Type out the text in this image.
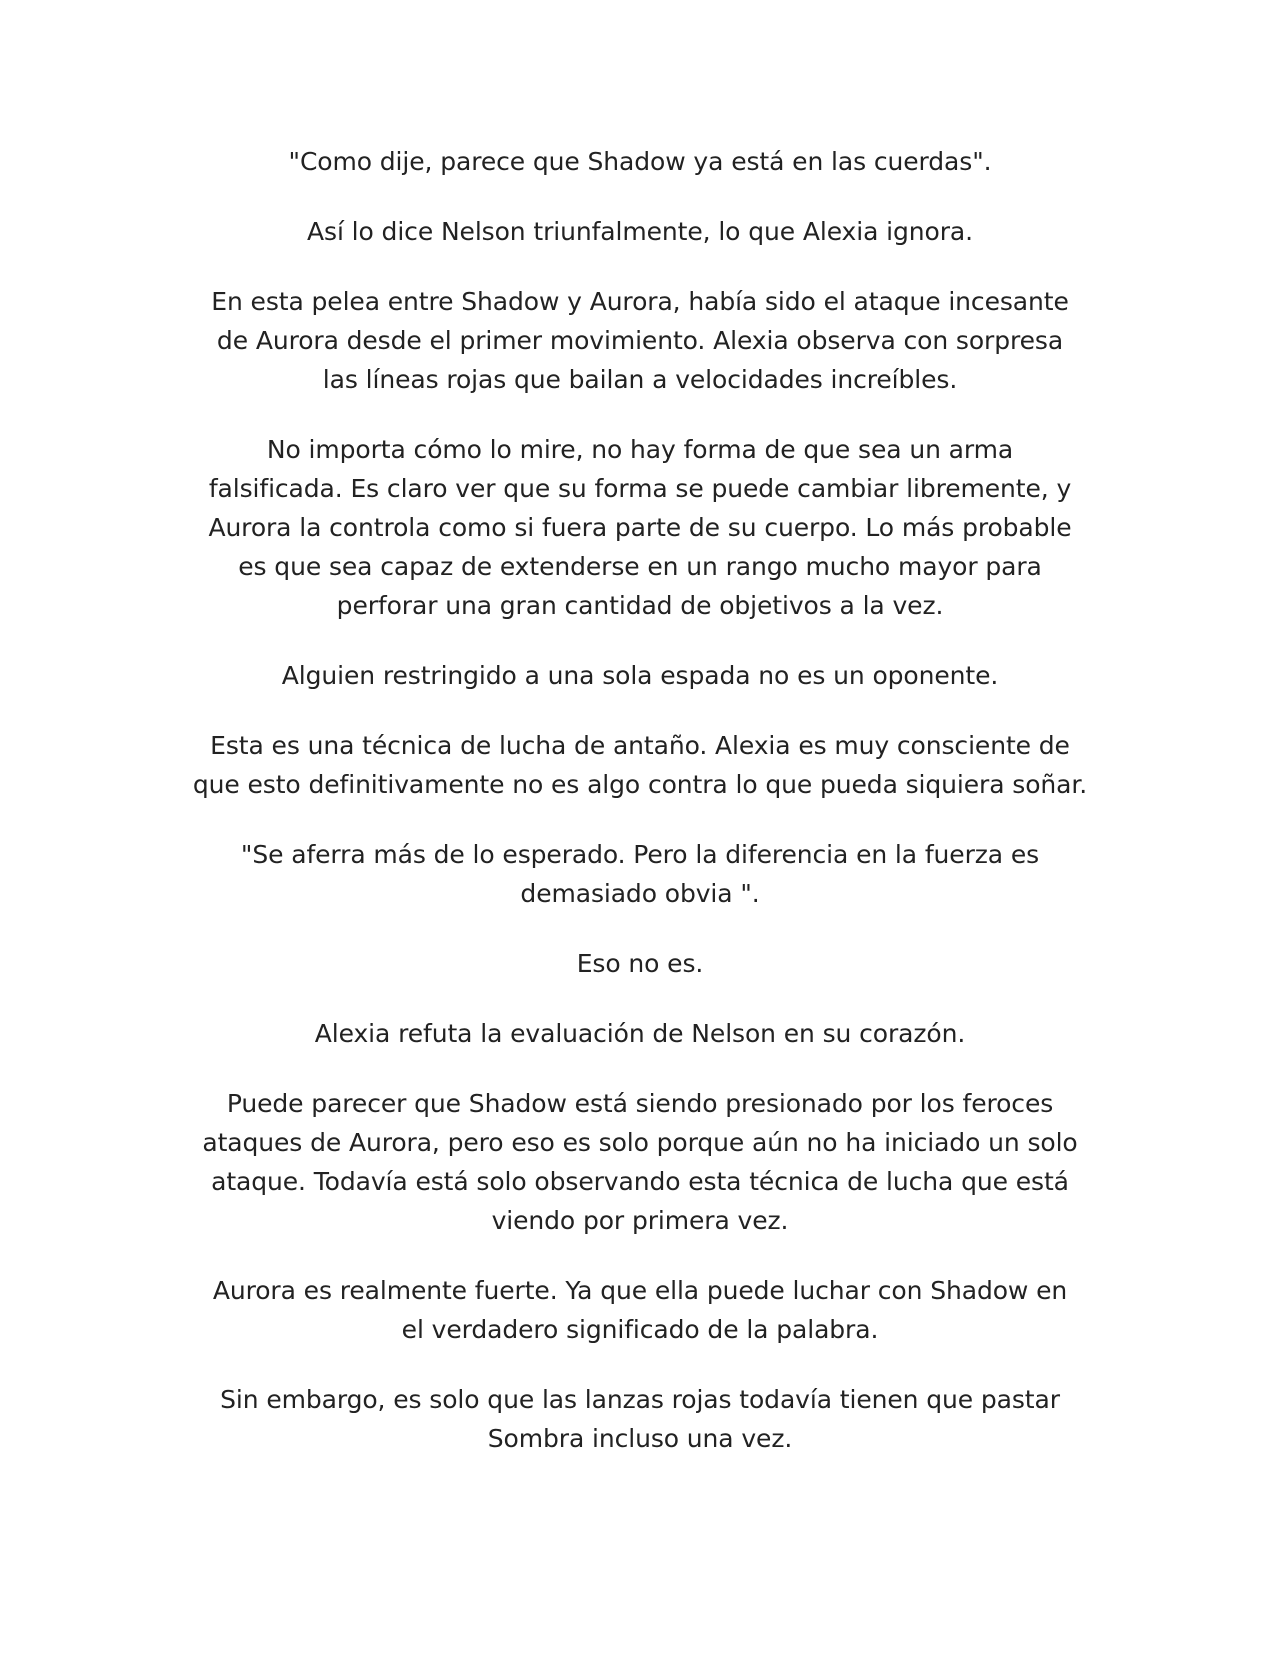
"Como dije, parece que Shadow ya está en las cuerdas".

Así lo dice Nelson triunfalmente, lo que Alexia ignora.

En esta pelea entre Shadow y Aurora, había sido el ataque incesante
de Aurora desde el primer movimiento. Alexia observa con sorpresa
las líneas rojas que bailan a velocidades increíbles.

No importa cómo lo mire, no hay forma de que sea un arma
falsificada. Es claro ver que su forma se puede cambiar libremente, y
Aurora la controla como si fuera parte de su cuerpo. Lo más probable
es que sea capaz de extenderse en un rango mucho mayor para
perforar una gran cantidad de objetivos a la vez.

Alguien restringido a una sola espada no es un oponente.

Esta es una técnica de lucha de antaño. Alexia es muy consciente de
que esto definitivamente no es algo contra lo que pueda siquiera soñar.

"Se aferra más de lo esperado. Pero la diferencia en la fuerza es
demasiado obvia ".

Eso no es.

Alexia refuta la evaluación de Nelson en su corazón.

Puede parecer que Shadow está siendo presionado por los feroces
ataques de Aurora, pero eso es solo porque aún no ha iniciado un solo
ataque. Todavía está solo observando esta técnica de lucha que está
viendo por primera vez.

Aurora es realmente fuerte. Ya que ella puede luchar con Shadow en
el verdadero significado de la palabra.

Sin embargo, es solo que las lanzas rojas todavía tienen que pastar
Sombra incluso una vez.
